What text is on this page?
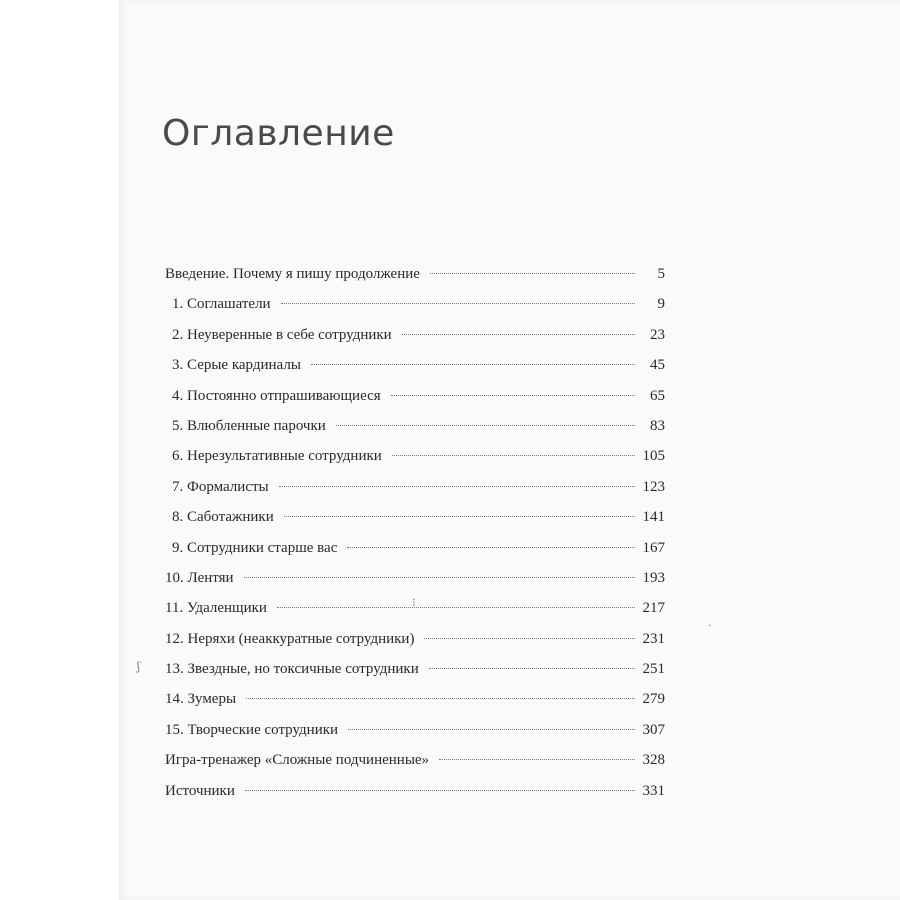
Оглавление
Введение. Почему я пишу продолжение	5
1. Соглашатели	9
2. Неуверенные в себе сотрудники	23
3. Серые кардиналы	45
4. Постоянно отпрашивающиеся	65
5. Влюбленные парочки	83
6. Нерезультативные сотрудники	105
7. Формалисты	123
8. Саботажники	141
9. Сотрудники старше вас	167
10. Лентяи	193
11. Удаленщики	217
12. Неряхи (неаккуратные сотрудники)	231
13. Звездные, но токсичные сотрудники	251
14. Зумеры	279
15. Творческие сотрудники	307
Игра-тренажер «Сложные подчиненные»	328
Источники	331
ʃ
⁝
·
